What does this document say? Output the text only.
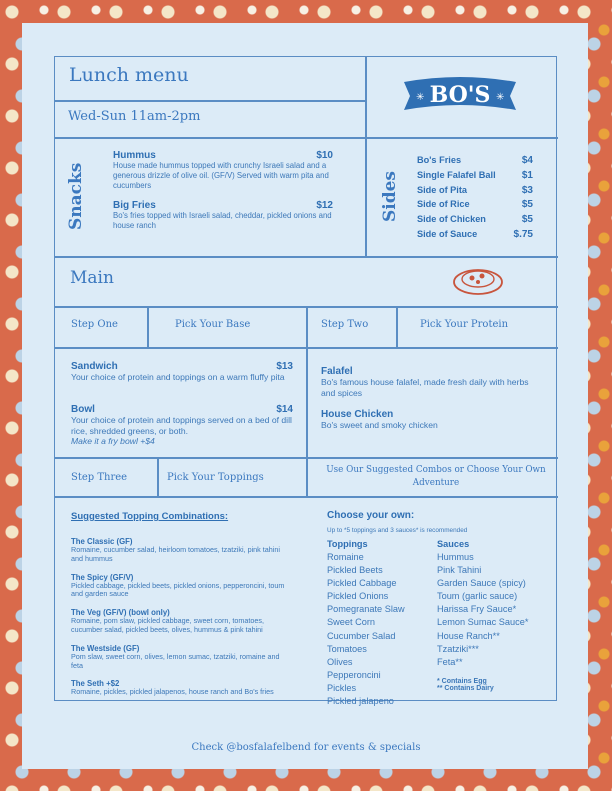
Lunch menu
Wed-Sun 11am-2pm
BO'S
✳	✳
Snacks
Hummus	$10
House made hummus topped with crunchy Israeli salad and a generous drizzle of olive oil. (GF/V) Served with warm pita and cucumbers
Big Fries	$12
Bo's fries topped with Israeli salad, cheddar, pickled onions and house ranch
Sides
Bo's Fries	$4
Single Falafel Ball	$1
Side of Pita	$3
Side of Rice	$5
Side of Chicken	$5
Side of Sauce	$.75
Main
Step One	Pick Your Base	Step Two	Pick Your Protein
Sandwich	$13
Your choice of protein and toppings on a warm fluffy pita
Bowl	$14
Your choice of protein and toppings served on a bed of dill rice, shredded greens, or both.
Make it a fry bowl +$4
Falafel
Bo's famous house falafel, made fresh daily with herbs and spices
House Chicken
Bo's sweet and smoky chicken
Step Three	Pick Your Toppings
Use Our Suggested Combos or Choose Your Own Adventure
Suggested Topping Combinations:
The Classic (GF)
Romaine, cucumber salad, heirloom tomatoes, tzatziki, pink tahini and hummus
The Spicy (GF/V)
Pickled cabbage, pickled beets, pickled onions, pepperoncini, toum and garden sauce
The Veg (GF/V) (bowl only)
Romaine, pom slaw, pickled cabbage, sweet corn, tomatoes, cucumber salad, pickled beets, olives, hummus & pink tahini
The Westside (GF)
Pom slaw, sweet corn, olives, lemon sumac, tzatziki, romaine and feta
The Seth +$2
Romaine, pickles, pickled jalapenos, house ranch and Bo's fries
Choose your own:
Up to *5 toppings and 3 sauces* is recommended
Toppings
Romaine
Pickled Beets
Pickled Cabbage
Pickled Onions
Pomegranate Slaw
Sweet Corn
Cucumber Salad
Tomatoes
Olives
Pepperoncini
Pickles
Pickled jalapeno
Sauces
Hummus
Pink Tahini
Garden Sauce (spicy)
Toum (garlic sauce)
Harissa Fry Sauce*
Lemon Sumac Sauce*
House Ranch**
Tzatziki***
Feta**
* Contains Egg
** Contains Dairy
Check @bosfalafelbend for events & specials
